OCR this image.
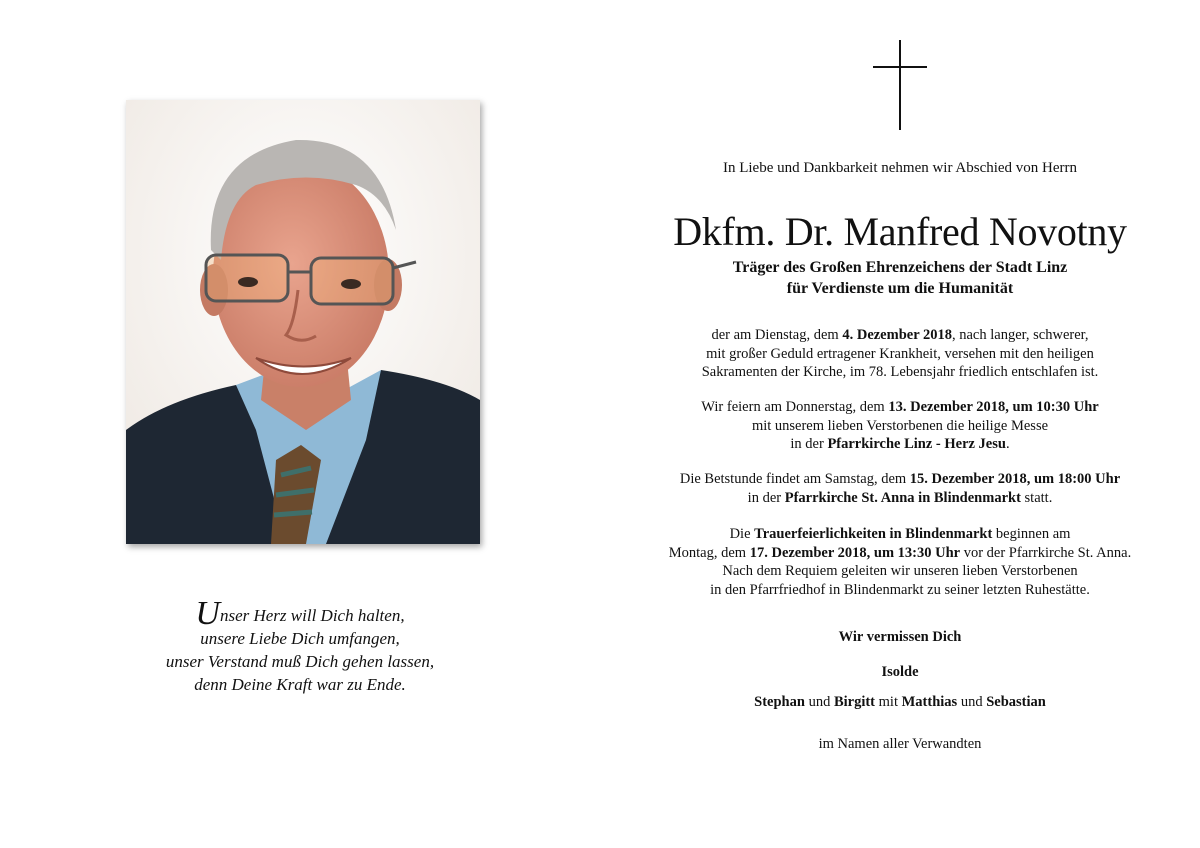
Unser Herz will Dich halten,
unsere Liebe Dich umfangen,
unser Verstand muß Dich gehen lassen,
denn Deine Kraft war zu Ende.
In Liebe und Dankbarkeit nehmen wir Abschied von Herrn
Dkfm. Dr. Manfred Novotny
Träger des Großen Ehrenzeichens der Stadt Linz
für Verdienste um die Humanität
der am Dienstag, dem 4. Dezember 2018, nach langer, schwerer,
mit großer Geduld ertragener Krankheit, versehen mit den heiligen
Sakramenten der Kirche, im 78. Lebensjahr friedlich entschlafen ist.
Wir feiern am Donnerstag, dem 13. Dezember 2018, um 10:30 Uhr
mit unserem lieben Verstorbenen die heilige Messe
in der Pfarrkirche Linz - Herz Jesu.
Die Betstunde findet am Samstag, dem 15. Dezember 2018, um 18:00 Uhr
in der Pfarrkirche St. Anna in Blindenmarkt statt.
Die Trauerfeierlichkeiten in Blindenmarkt beginnen am
Montag, dem 17. Dezember 2018, um 13:30 Uhr vor der Pfarrkirche St. Anna.
Nach dem Requiem geleiten wir unseren lieben Verstorbenen
in den Pfarrfriedhof in Blindenmarkt zu seiner letzten Ruhestätte.
Wir vermissen Dich
Isolde
Stephan und Birgitt mit Matthias und Sebastian
im Namen aller Verwandten
